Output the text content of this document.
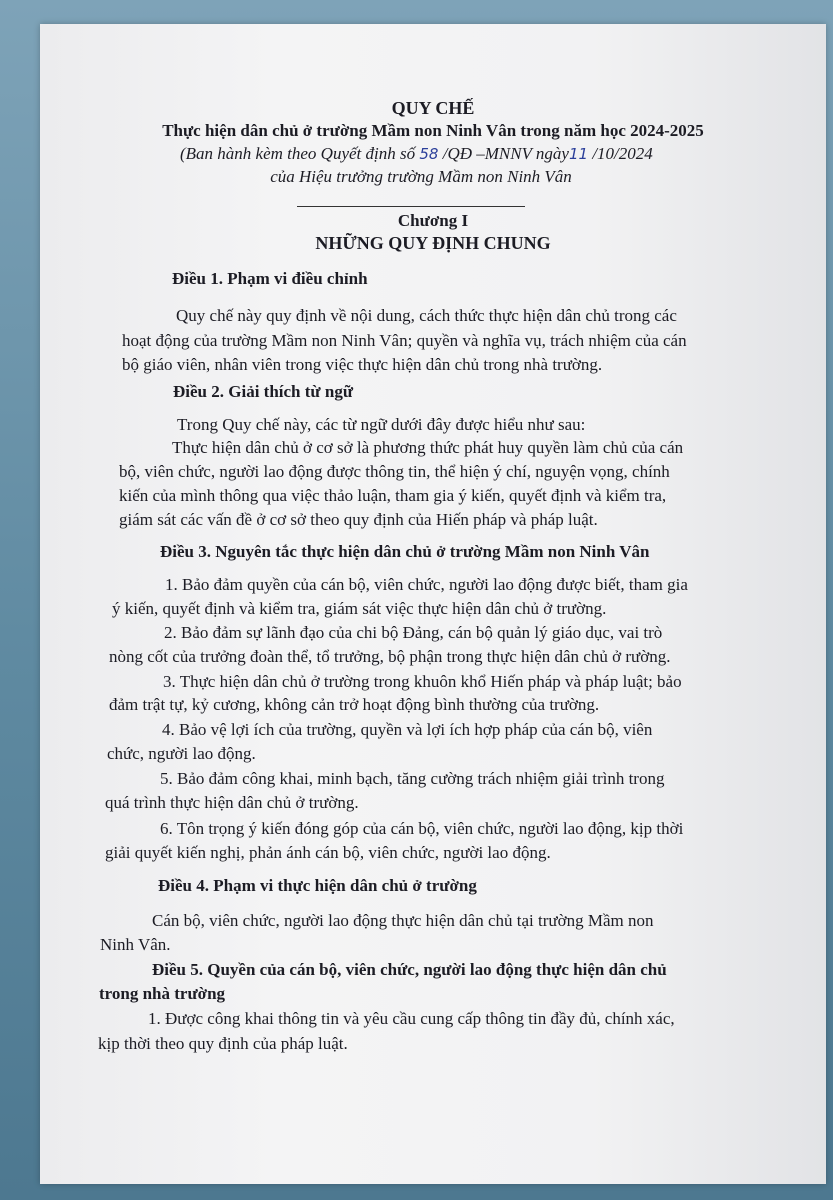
QUY CHẾ
Thực hiện dân chủ ở trường Mầm non Ninh Vân trong năm học 2024-2025
(Ban hành kèm theo Quyết định số 58 /QĐ –MNNV ngày11 /10/2024
của Hiệu trưởng trường Mầm non Ninh Vân
Chương I
NHỮNG QUY ĐỊNH CHUNG
Điều 1. Phạm vi điều chỉnh
Quy chế này quy định về nội dung, cách thức thực hiện dân chủ trong các
hoạt động của trường Mầm non Ninh Vân; quyền và nghĩa vụ, trách nhiệm của cán
bộ giáo viên, nhân viên trong việc thực hiện dân chủ trong nhà trường.
Điều 2. Giải thích từ ngữ
Trong Quy chế này, các từ ngữ dưới đây được hiểu như sau:
Thực hiện dân chủ ở cơ sở là phương thức phát huy quyền làm chủ của cán
bộ, viên chức, người lao động được thông tin, thể hiện ý chí, nguyện vọng, chính
kiến của mình thông qua việc thảo luận, tham gia ý kiến, quyết định và kiểm tra,
giám sát các vấn đề ở cơ sở theo quy định của Hiến pháp và pháp luật.
Điều 3. Nguyên tắc thực hiện dân chủ ở trường Mầm non Ninh Vân
1. Bảo đảm quyền của cán bộ, viên chức, người lao động được biết, tham gia
ý kiến, quyết định và kiểm tra, giám sát việc thực hiện dân chủ ở trường.
2. Bảo đảm sự lãnh đạo của chi bộ Đảng, cán bộ quản lý giáo dục, vai trò
nòng cốt của trưởng đoàn thể, tổ trưởng, bộ phận trong thực hiện dân chủ ở rường.
3. Thực hiện dân chủ ở trường trong khuôn khổ Hiến pháp và pháp luật; bảo
đảm trật tự, kỷ cương, không cản trở hoạt động bình thường của trường.
4. Bảo vệ lợi ích của trường, quyền và lợi ích hợp pháp của cán bộ, viên
chức, người lao động.
5. Bảo đảm công khai, minh bạch, tăng cường trách nhiệm giải trình trong
quá trình thực hiện dân chủ ở trường.
6. Tôn trọng ý kiến đóng góp của cán bộ, viên chức, người lao động, kịp thời
giải quyết kiến nghị, phản ánh cán bộ, viên chức, người lao động.
Điều 4. Phạm vi thực hiện dân chủ ở trường
Cán bộ, viên chức, người lao động thực hiện dân chủ tại trường Mầm non
Ninh Vân.
Điều 5. Quyền của cán bộ, viên chức, người lao động thực hiện dân chủ
trong nhà trường
1. Được công khai thông tin và yêu cầu cung cấp thông tin đầy đủ, chính xác,
kịp thời theo quy định của pháp luật.
